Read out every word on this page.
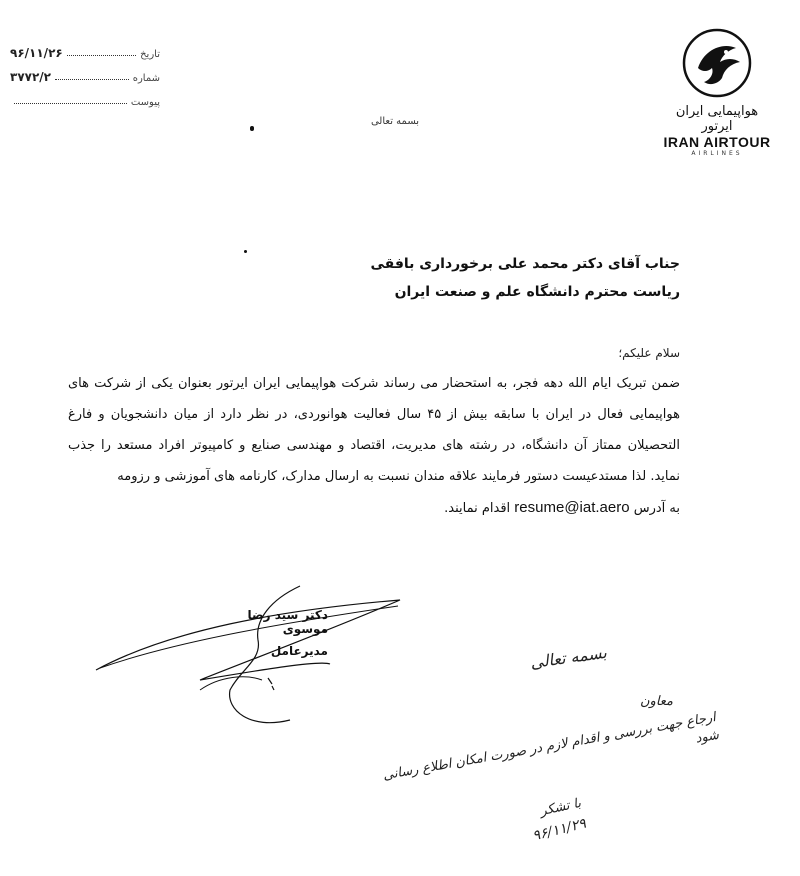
۹۶/۱۱/۲۶	تاریخ
۳۷۷۲/۲	شماره
پیوست
هواپیمایی ایران ایرتور
IRAN AIRTOUR
AIRLINES
بسمه تعالی
جناب آقای دکتر محمد علی برخورداری بافقی
ریاست محترم دانشگاه علم و صنعت ایران
سلام علیکم؛
ضمن تبریک ایام الله دهه فجر، به استحضار می رساند شرکت هواپیمایی ایران ایرتور بعنوان یکی از شرکت های هواپیمایی فعال در ایران با سابقه بیش از ۴۵ سال فعالیت هوانوردی، در نظر دارد از میان دانشجویان و فارغ التحصیلان ممتاز آن دانشگاه، در رشته های مدیریت، اقتصاد و مهندسی صنایع و کامپیوتر افراد مستعد را جذب نماید. لذا مستدعیست دستور فرمایند علاقه مندان نسبت به ارسال مدارک، کارنامه های آموزشی و رزومه
به آدرس resume@iat.aero اقدام نمایند.
دکتر سید رضا موسوی
مدیرعامل	بسمه تعالی
معاون
ارجاع جهت بررسی و اقدام لازم در صورت امکان اطلاع رسانی شود
با تشکر
۹۶/۱۱/۲۹
